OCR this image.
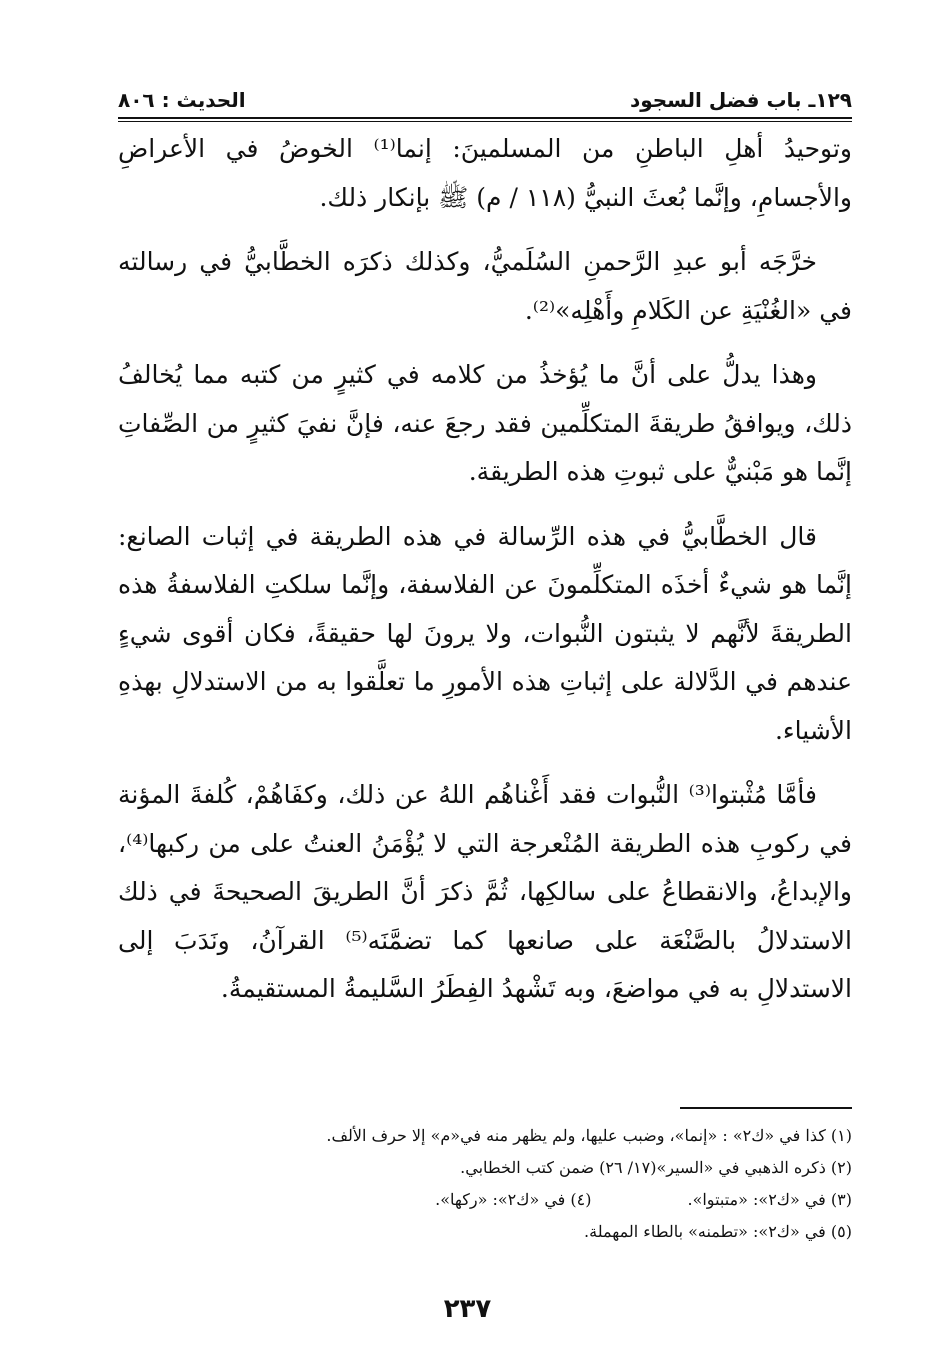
١٢٩ـ باب فضل السجود
الحديث : ٨٠٦

وتوحيدُ أهلِ الباطنِ من المسلمينَ: إنما⁽¹⁾ الخوضُ في الأعراضِ والأجسامِ، وإنَّما بُعثَ النبيُّ (١١٨ / م) ﷺ بإنكار ذلك.

خرَّجَه أبو عبدِ الرَّحمنِ السُلَميُّ، وكذلك ذكرَه الخطَّابيُّ في رسالته في «الغُنْيَةِ عن الكَلامِ وأَهْلِه»⁽²⁾.

وهذا يدلُّ على أنَّ ما يُؤخذُ من كلامه في كثيرٍ من كتبه مما يُخالفُ ذلك، ويوافقُ طريقةَ المتكلِّمين فقد رجعَ عنه، فإنَّ نفيَ كثيرٍ من الصِّفاتِ إنَّما هو مَبْنيٌّ على ثبوتِ هذه الطريقة.

قال الخطَّابيُّ في هذه الرِّسالة في هذه الطريقة في إثبات الصانع: إنَّما هو شيءٌ أخذَه المتكلِّمونَ عن الفلاسفة، وإنَّما سلكتِ الفلاسفةُ هذه الطريقةَ لأنَّهم لا يثبتون النُّبوات، ولا يرونَ لها حقيقةً، فكان أقوى شيءٍ عندهم في الدَّلالة على إثباتِ هذه الأمورِ ما تعلَّقوا به من الاستدلالِ بهذهِ الأشياء.

فأمَّا مُثْبتوا⁽³⁾ النُّبوات فقد أَغْناهُم اللهُ عن ذلك، وكفَاهُمْ، كُلفةَ المؤنة في ركوبِ هذه الطريقة المُنْعرجة التي لا يُؤْمَنُ العنتُ على من ركبها⁽⁴⁾، والإبداعُ، والانقطاعُ على سالكِها، ثُمَّ ذكرَ أنَّ الطريقَ الصحيحةَ في ذلك الاستدلالُ بالصَّنْعَة على صانعها كما تضمَّنَه⁽⁵⁾ القرآنُ، ونَدَبَ إلى الاستدلالِ به في مواضعَ، وبه تَشْهدُ الفِطَرُ السَّليمةُ المستقيمةُ.

(١) كذا في «ك٢» : «إنما»، وضبب عليها، ولم يظهر منه في«م» إلا حرف الألف.
(٢) ذكره الذهبي في «السير»(١٧/ ٢٦) ضمن كتب الخطابي.
(٣) في «ك٢»: «متبتوا».
(٤) في «ك٢»: «ركها».
(٥) في «ك٢»: «تطمنه» بالطاء المهملة.
٢٣٧
